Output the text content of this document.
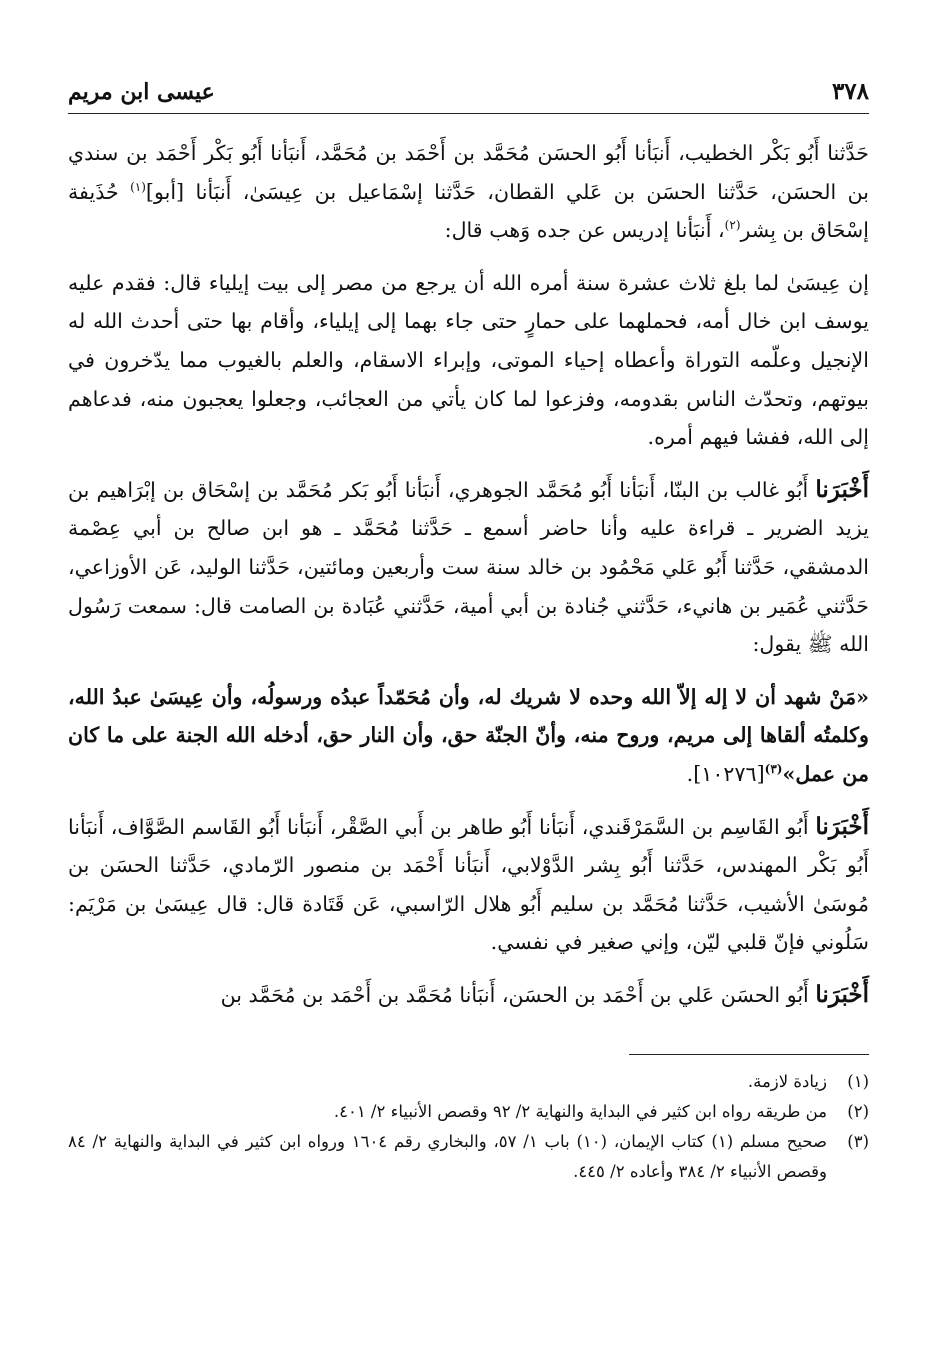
٣٧٨
عيسى ابن مريم

حَدَّثنا أَبُو بَكْر الخطيب، أَنبَأنا أَبُو الحسَن مُحَمَّد بن أَحْمَد بن مُحَمَّد، أَنبَأنا أَبُو بَكْر أَحْمَد بن سندي بن الحسَن، حَدَّثنا الحسَن بن عَلي القطان، حَدَّثنا إسْمَاعيل بن عِيسَىٰ، أَنبَأنا [أبو]$^{(١)}$ حُذَيفة إسْحَاق بن بِشر$^{(٢)}$، أَنبَأنا إدريس عن جده وَهب قال:

إن عِيسَىٰ لما بلغ ثلاث عشرة سنة أمره الله أن يرجع من مصر إلى بيت إيلياء قال: فقدم عليه يوسف ابن خال أمه، فحملهما على حمارٍ حتى جاء بهما إلى إيلياء، وأقام بها حتى أحدث الله له الإنجيل وعلّمه التوراة وأعطاه إحياء الموتى، وإبراء الاسقام، والعلم بالغيوب مما يدّخرون في بيوتهم، وتحدّث الناس بقدومه، وفزعوا لما كان يأتي من العجائب، وجعلوا يعجبون منه، فدعاهم إلى الله، ففشا فيهم أمره.

أَخْبَرَنا أَبُو غالب بن البنّا، أَنبَأنا أَبُو مُحَمَّد الجوهري، أَنبَأنا أَبُو بَكر مُحَمَّد بن إسْحَاق بن إبْرَاهيم بن يزيد الضرير ـ قراءة عليه وأنا حاضر أسمع ـ حَدَّثنا مُحَمَّد ـ هو ابن صالح بن أبي عِصْمة الدمشقي، حَدَّثنا أَبُو عَلي مَحْمُود بن خالد سنة ست وأربعين ومائتين، حَدَّثنا الوليد، عَن الأوزاعي، حَدَّثني عُمَير بن هانيء، حَدَّثني جُنادة بن أبي أمية، حَدَّثني عُبَادة بن الصامت قال: سمعت رَسُول الله ﷺ يقول:

«مَنْ شهد أن لا إله إلاّ الله وحده لا شريك له، وأن مُحَمّداً عبدُه ورسولُه، وأن عِيسَىٰ عبدُ الله، وكلمتُه ألقاها إلى مريم، وروح منه، وأنّ الجنّة حق، وأن النار حق، أدخله الله الجنة على ما كان من عمل»$^{(٣)}$[١٠٢٧٦].

أَخْبَرَنا أَبُو القَاسِم بن السَّمَرْقَندي، أَنبَأنا أَبُو طاهر بن أَبي الصَّقْر، أَنبَأنا أَبُو القَاسم الصَّوَّاف، أَنبَأنا أَبُو بَكْر المهندس، حَدَّثنا أَبُو بِشر الدَّوْلابي، أَنبَأنا أَحْمَد بن منصور الرّمادي، حَدَّثنا الحسَن بن مُوسَىٰ الأشيب، حَدَّثنا مُحَمَّد بن سليم أَبُو هلال الرّاسبي، عَن قَتَادة قال: قال عِيسَىٰ بن مَرْيَم: سَلُوني فإنّ قلبي ليّن، وإني صغير في نفسي.

أَخْبَرَنا أَبُو الحسَن عَلي بن أَحْمَد بن الحسَن، أَنبَأنا مُحَمَّد بن أَحْمَد بن مُحَمَّد بن

(١)
زيادة لازمة.
(٢)
من طريقه رواه ابن كثير في البداية والنهاية ٢/ ٩٢ وقصص الأنبياء ٢/ ٤٠١.
(٣)
صحيح مسلم (١) كتاب الإيمان، (١٠) باب ١/ ٥٧، والبخاري رقم ١٦٠٤ ورواه ابن كثير في البداية والنهاية ٢/ ٨٤ وقصص الأنبياء ٢/ ٣٨٤ وأعاده ٢/ ٤٤٥.
